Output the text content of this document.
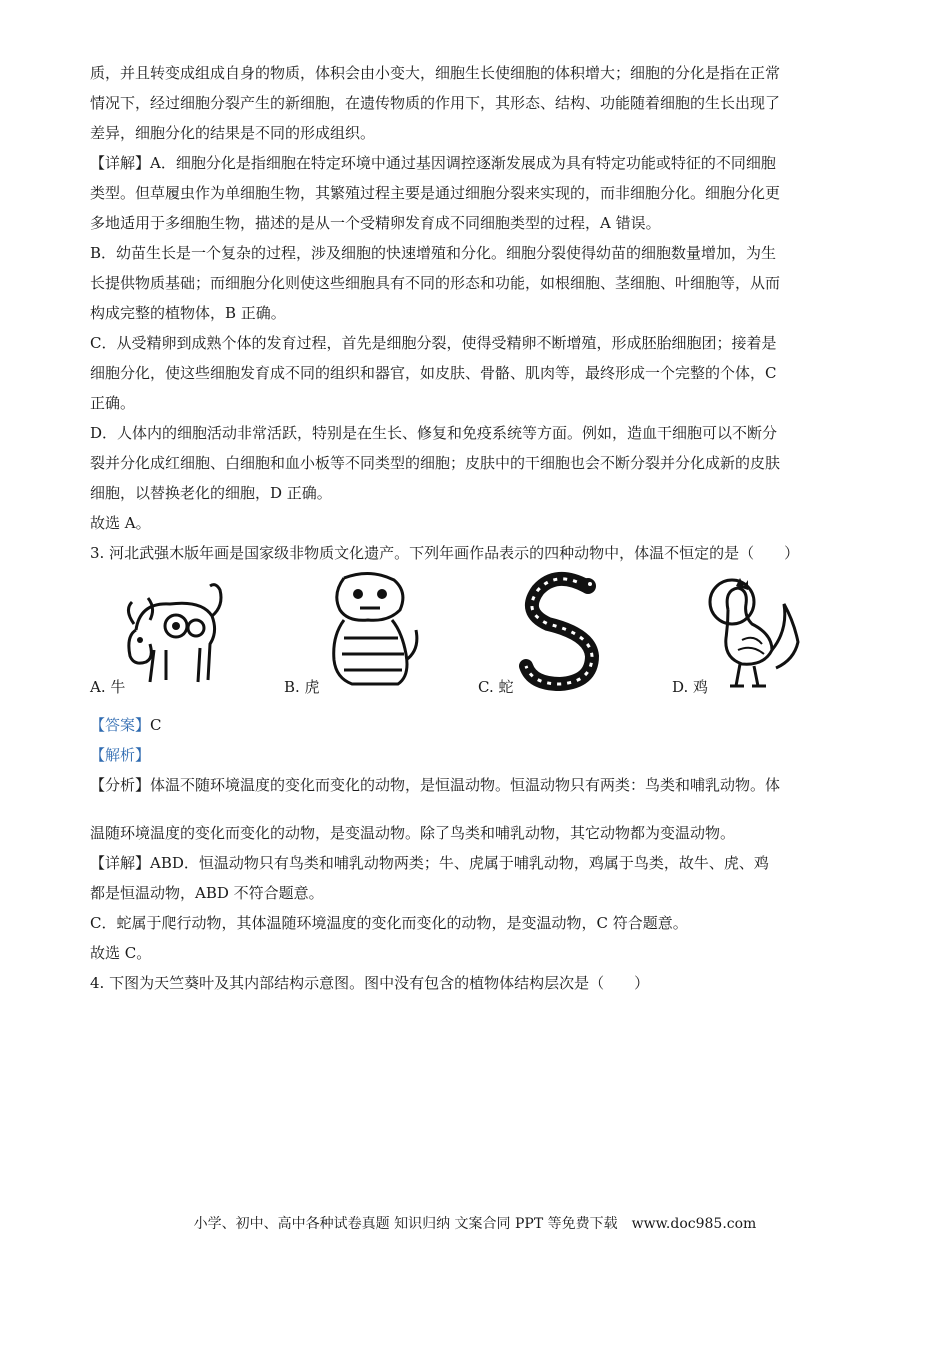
质，并且转变成组成自身的物质，体积会由小变大，细胞生长使细胞的体积增大；细胞的分化是指在正常

情况下，经过细胞分裂产生的新细胞，在遗传物质的作用下，其形态、结构、功能随着细胞的生长出现了

差异，细胞分化的结果是不同的形成组织。

【详解】A．细胞分化是指细胞在特定环境中通过基因调控逐渐发展成为具有特定功能或特征的不同细胞

类型。但草履虫作为单细胞生物，其繁殖过程主要是通过细胞分裂来实现的，而非细胞分化。细胞分化更

多地适用于多细胞生物，描述的是从一个受精卵发育成不同细胞类型的过程，A 错误。

B．幼苗生长是一个复杂的过程，涉及细胞的快速增殖和分化。细胞分裂使得幼苗的细胞数量增加，为生

长提供物质基础；而细胞分化则使这些细胞具有不同的形态和功能，如根细胞、茎细胞、叶细胞等，从而

构成完整的植物体，B 正确。

C．从受精卵到成熟个体的发育过程，首先是细胞分裂，使得受精卵不断增殖，形成胚胎细胞团；接着是

细胞分化，使这些细胞发育成不同的组织和器官，如皮肤、骨骼、肌肉等，最终形成一个完整的个体，C

正确。

D．人体内的细胞活动非常活跃，特别是在生长、修复和免疫系统等方面。例如，造血干细胞可以不断分

裂并分化成红细胞、白细胞和血小板等不同类型的细胞；皮肤中的干细胞也会不断分裂并分化成新的皮肤

细胞，以替换老化的细胞，D 正确。

故选 A。

3. 河北武强木版年画是国家级非物质文化遗产。下列年画作品表示的四种动物中，体温不恒定的是（　　）

A. 牛	B. 虎	C. 蛇	D. 鸡

【答案】C

【解析】

【分析】体温不随环境温度的变化而变化的动物，是恒温动物。恒温动物只有两类：鸟类和哺乳动物。体

温随环境温度的变化而变化的动物，是变温动物。除了鸟类和哺乳动物，其它动物都为变温动物。

【详解】ABD．恒温动物只有鸟类和哺乳动物两类；牛、虎属于哺乳动物，鸡属于鸟类，故牛、虎、鸡

都是恒温动物，ABD 不符合题意。

C．蛇属于爬行动物，其体温随环境温度的变化而变化的动物，是变温动物，C 符合题意。

故选 C。

4. 下图为天竺葵叶及其内部结构示意图。图中没有包含的植物体结构层次是（　　）

小学、初中、高中各种试卷真题 知识归纳 文案合同 PPT 等免费下载　www.doc985.com
